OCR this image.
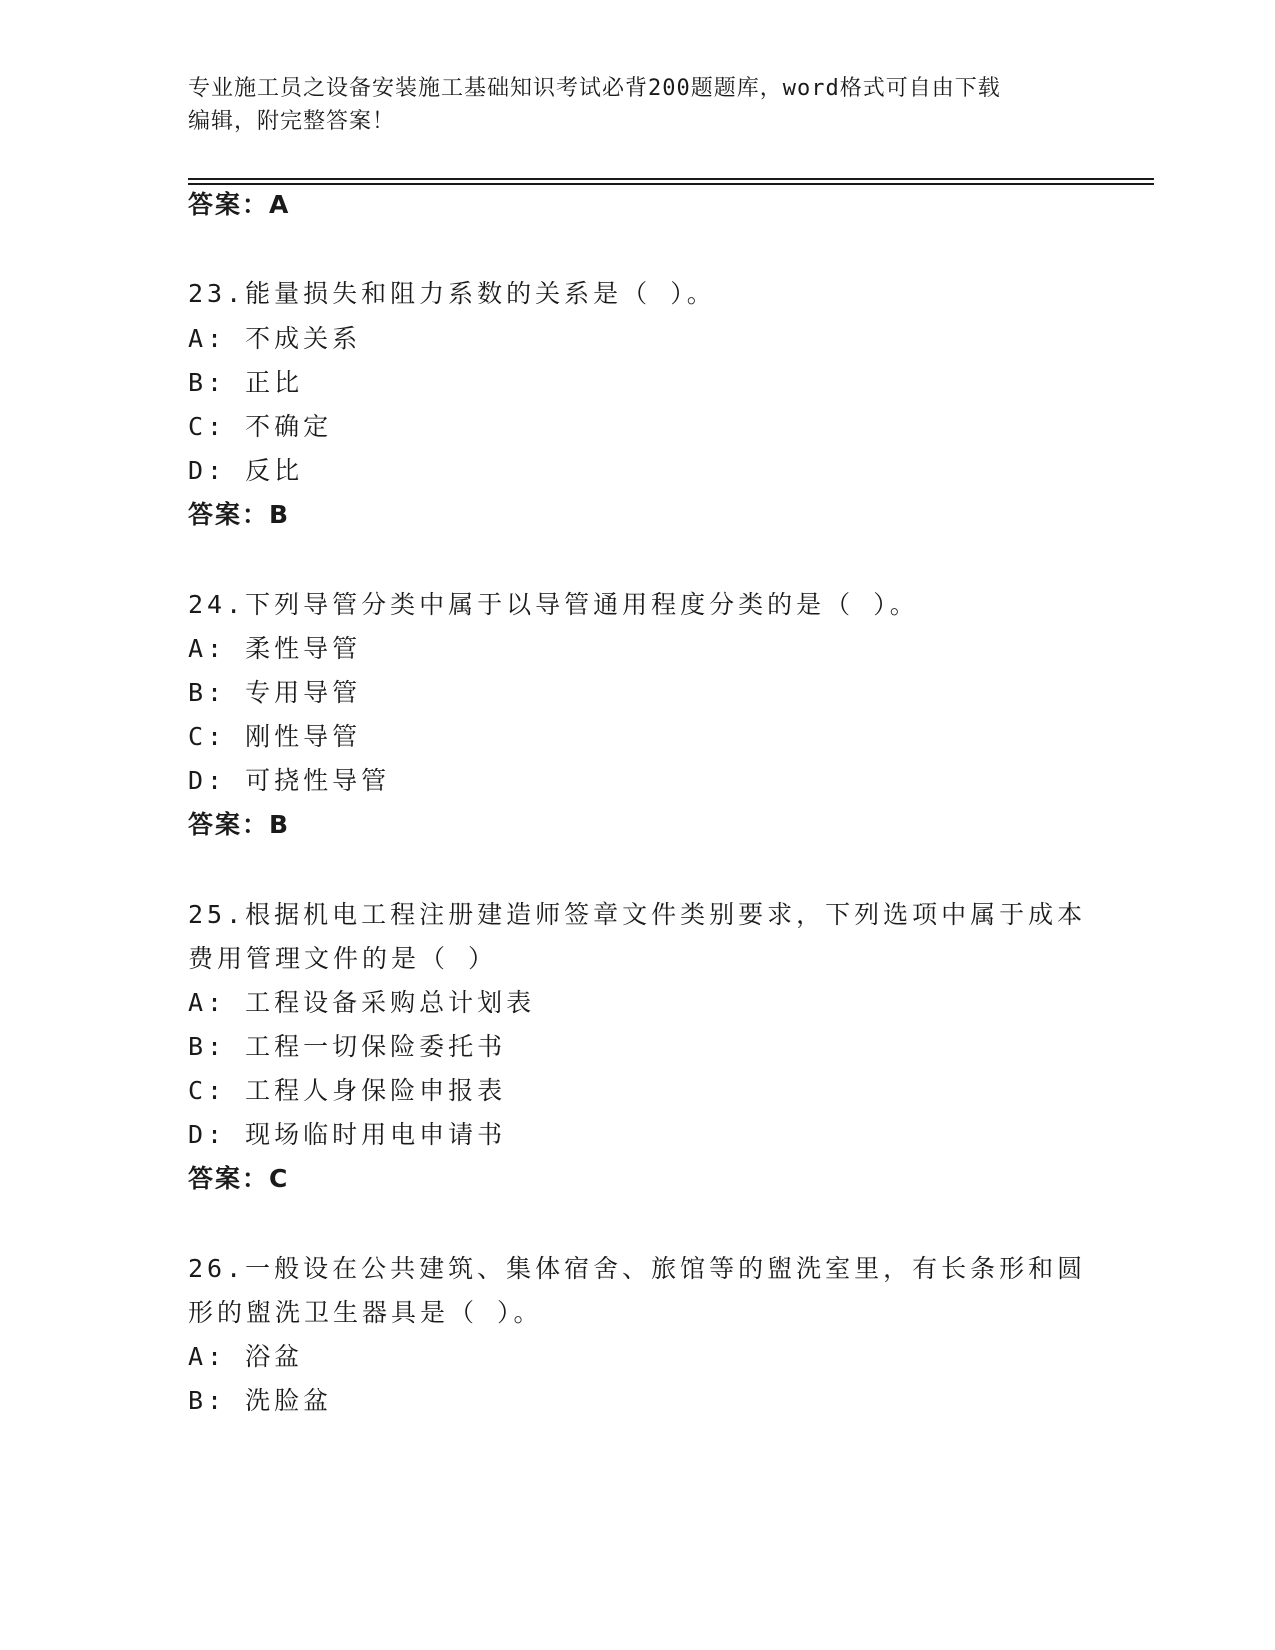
专业施工员之设备安装施工基础知识考试必背200题题库，word格式可自由下载
编辑，附完整答案！
答案：A
23.能量损失和阻力系数的关系是（ ）。
A: 不成关系
B: 正比
C: 不确定
D: 反比
答案：B
24.下列导管分类中属于以导管通用程度分类的是（ ）。
A: 柔性导管
B: 专用导管
C: 刚性导管
D: 可挠性导管
答案：B
25.根据机电工程注册建造师签章文件类别要求，下列选项中属于成本
费用管理文件的是（ ）
A: 工程设备采购总计划表
B: 工程一切保险委托书
C: 工程人身保险申报表
D: 现场临时用电申请书
答案：C
26.一般设在公共建筑、集体宿舍、旅馆等的盥洗室里，有长条形和圆
形的盥洗卫生器具是（ ）。
A: 浴盆
B: 洗脸盆
